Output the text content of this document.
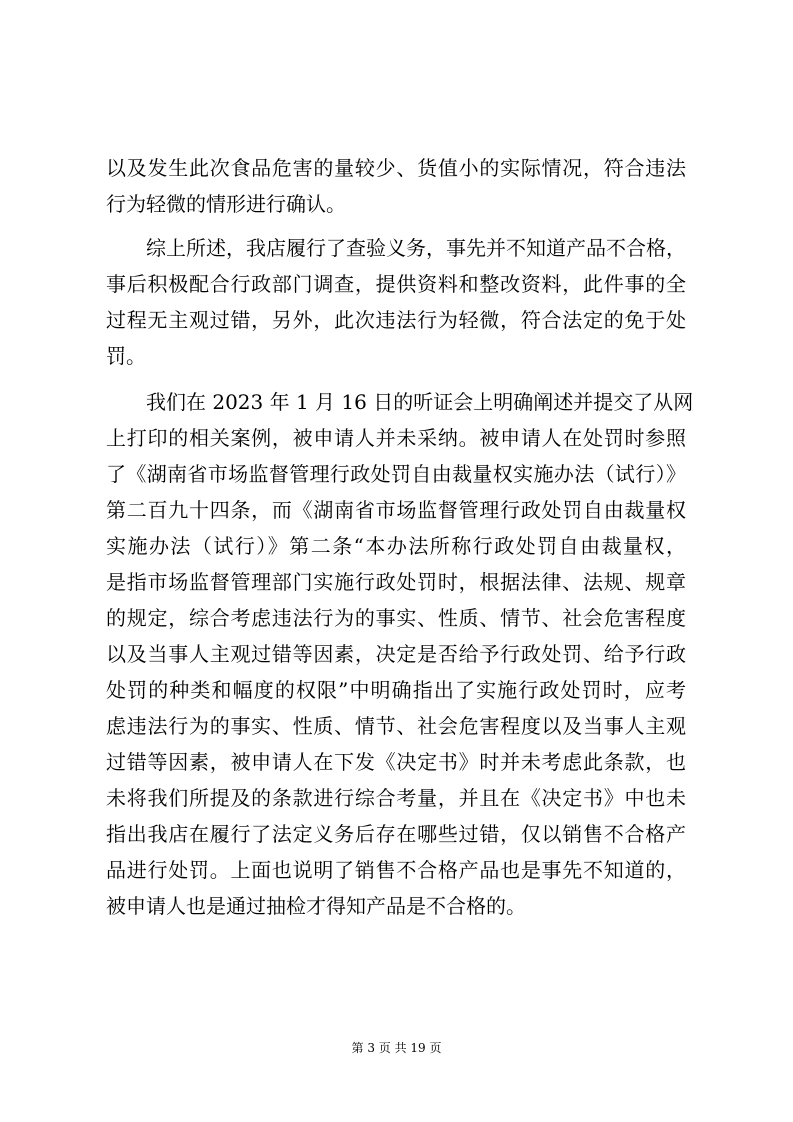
以及发生此次食品危害的量较少、货值小的实际情况，符合违法
行为轻微的情形进行确认。
综上所述，我店履行了查验义务，事先并不知道产品不合格，
事后积极配合行政部门调查，提供资料和整改资料，此件事的全
过程无主观过错，另外，此次违法行为轻微，符合法定的免于处
罚。
我们在 2023 年 1 月 16 日的听证会上明确阐述并提交了从网
上打印的相关案例，被申请人并未采纳。被申请人在处罚时参照
了《湖南省市场监督管理行政处罚自由裁量权实施办法（试行）》
第二百九十四条，而《湖南省市场监督管理行政处罚自由裁量权
实施办法（试行）》第二条“本办法所称行政处罚自由裁量权，
是指市场监督管理部门实施行政处罚时，根据法律、法规、规章
的规定，综合考虑违法行为的事实、性质、情节、社会危害程度
以及当事人主观过错等因素，决定是否给予行政处罚、给予行政
处罚的种类和幅度的权限”中明确指出了实施行政处罚时，应考
虑违法行为的事实、性质、情节、社会危害程度以及当事人主观
过错等因素，被申请人在下发《决定书》时并未考虑此条款，也
未将我们所提及的条款进行综合考量，并且在《决定书》中也未
指出我店在履行了法定义务后存在哪些过错，仅以销售不合格产
品进行处罚。上面也说明了销售不合格产品也是事先不知道的，
被申请人也是通过抽检才得知产品是不合格的。
第 3 页 共 19 页
